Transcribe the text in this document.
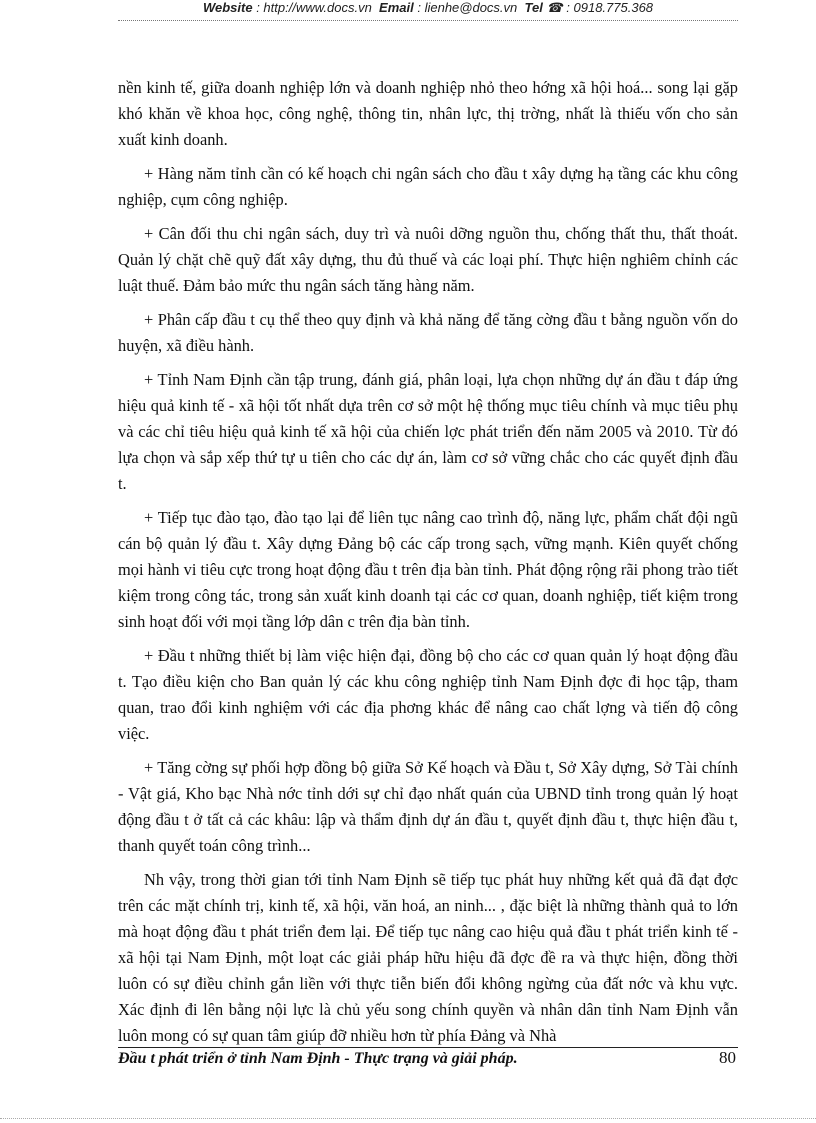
Website : http://www.docs.vn Email : lienhe@docs.vn Tel ☎ : 0918.775.368

nền kinh tế, giữa doanh nghiệp lớn và doanh nghiệp nhỏ theo hớng xã hội hoá... song lại gặp khó khăn về khoa học, công nghệ, thông tin, nhân lực, thị trờng, nhất là thiếu vốn cho sản xuất kinh doanh.

+ Hàng năm tỉnh cần có kế hoạch chi ngân sách cho đầu t xây dựng hạ tầng các khu công nghiệp, cụm công nghiệp.

+ Cân đối thu chi ngân sách, duy trì và nuôi dỡng nguồn thu, chống thất thu, thất thoát. Quản lý chặt chẽ quỹ đất xây dựng, thu đủ thuế và các loại phí. Thực hiện nghiêm chỉnh các luật thuế. Đảm bảo mức thu ngân sách tăng hàng năm.

+ Phân cấp đầu t cụ thể theo quy định và khả năng để tăng cờng đầu t bằng nguồn vốn do huyện, xã điều hành.

+ Tỉnh Nam Định cần tập trung, đánh giá, phân loại, lựa chọn những dự án đầu t đáp ứng hiệu quả kinh tế - xã hội tốt nhất dựa trên cơ sở một hệ thống mục tiêu chính và mục tiêu phụ và các chỉ tiêu hiệu quả kinh tế xã hội của chiến lợc phát triển đến năm 2005 và 2010. Từ đó lựa chọn và sắp xếp thứ tự u tiên cho các dự án, làm cơ sở vững chắc cho các quyết định đầu t.

+ Tiếp tục đào tạo, đào tạo lại để liên tục nâng cao trình độ, năng lực, phẩm chất đội ngũ cán bộ quản lý đầu t. Xây dựng Đảng bộ các cấp trong sạch, vững mạnh. Kiên quyết chống mọi hành vi tiêu cực trong hoạt động đầu t trên địa bàn tỉnh. Phát động rộng rãi phong trào tiết kiệm trong công tác, trong sản xuất kinh doanh tại các cơ quan, doanh nghiệp, tiết kiệm trong sinh hoạt đối với mọi tầng lớp dân c trên địa bàn tỉnh.

+ Đầu t những thiết bị làm việc hiện đại, đồng bộ cho các cơ quan quản lý hoạt động đầu t. Tạo điều kiện cho Ban quản lý các khu công nghiệp tỉnh Nam Định đợc đi học tập, tham quan, trao đổi kinh nghiệm với các địa phơng khác để nâng cao chất lợng và tiến độ công việc.

+ Tăng cờng sự phối hợp đồng bộ giữa Sở Kế hoạch và Đầu t, Sở Xây dựng, Sở Tài chính - Vật giá, Kho bạc Nhà nớc tỉnh dới sự chỉ đạo nhất quán của UBND tỉnh trong quản lý hoạt động đầu t ở tất cả các khâu: lập và thẩm định dự án đầu t, quyết định đầu t, thực hiện đầu t, thanh quyết toán công trình...

Nh vậy, trong thời gian tới tỉnh Nam Định sẽ tiếp tục phát huy những kết quả đã đạt đợc trên các mặt chính trị, kinh tế, xã hội, văn hoá, an ninh... , đặc biệt là những thành quả to lớn mà hoạt động đầu t phát triển đem lại. Để tiếp tục nâng cao hiệu quả đầu t phát triển kinh tế - xã hội tại Nam Định, một loạt các giải pháp hữu hiệu đã đợc đề ra và thực hiện, đồng thời luôn có sự điều chỉnh gắn liền với thực tiễn biến đổi không ngừng của đất nớc và khu vực. Xác định đi lên bằng nội lực là chủ yếu song chính quyền và nhân dân tỉnh Nam Định vẫn luôn mong có sự quan tâm giúp đỡ nhiều hơn từ phía Đảng và Nhà

Đầu t phát triển ở tỉnh Nam Định - Thực trạng và giải pháp.	80
